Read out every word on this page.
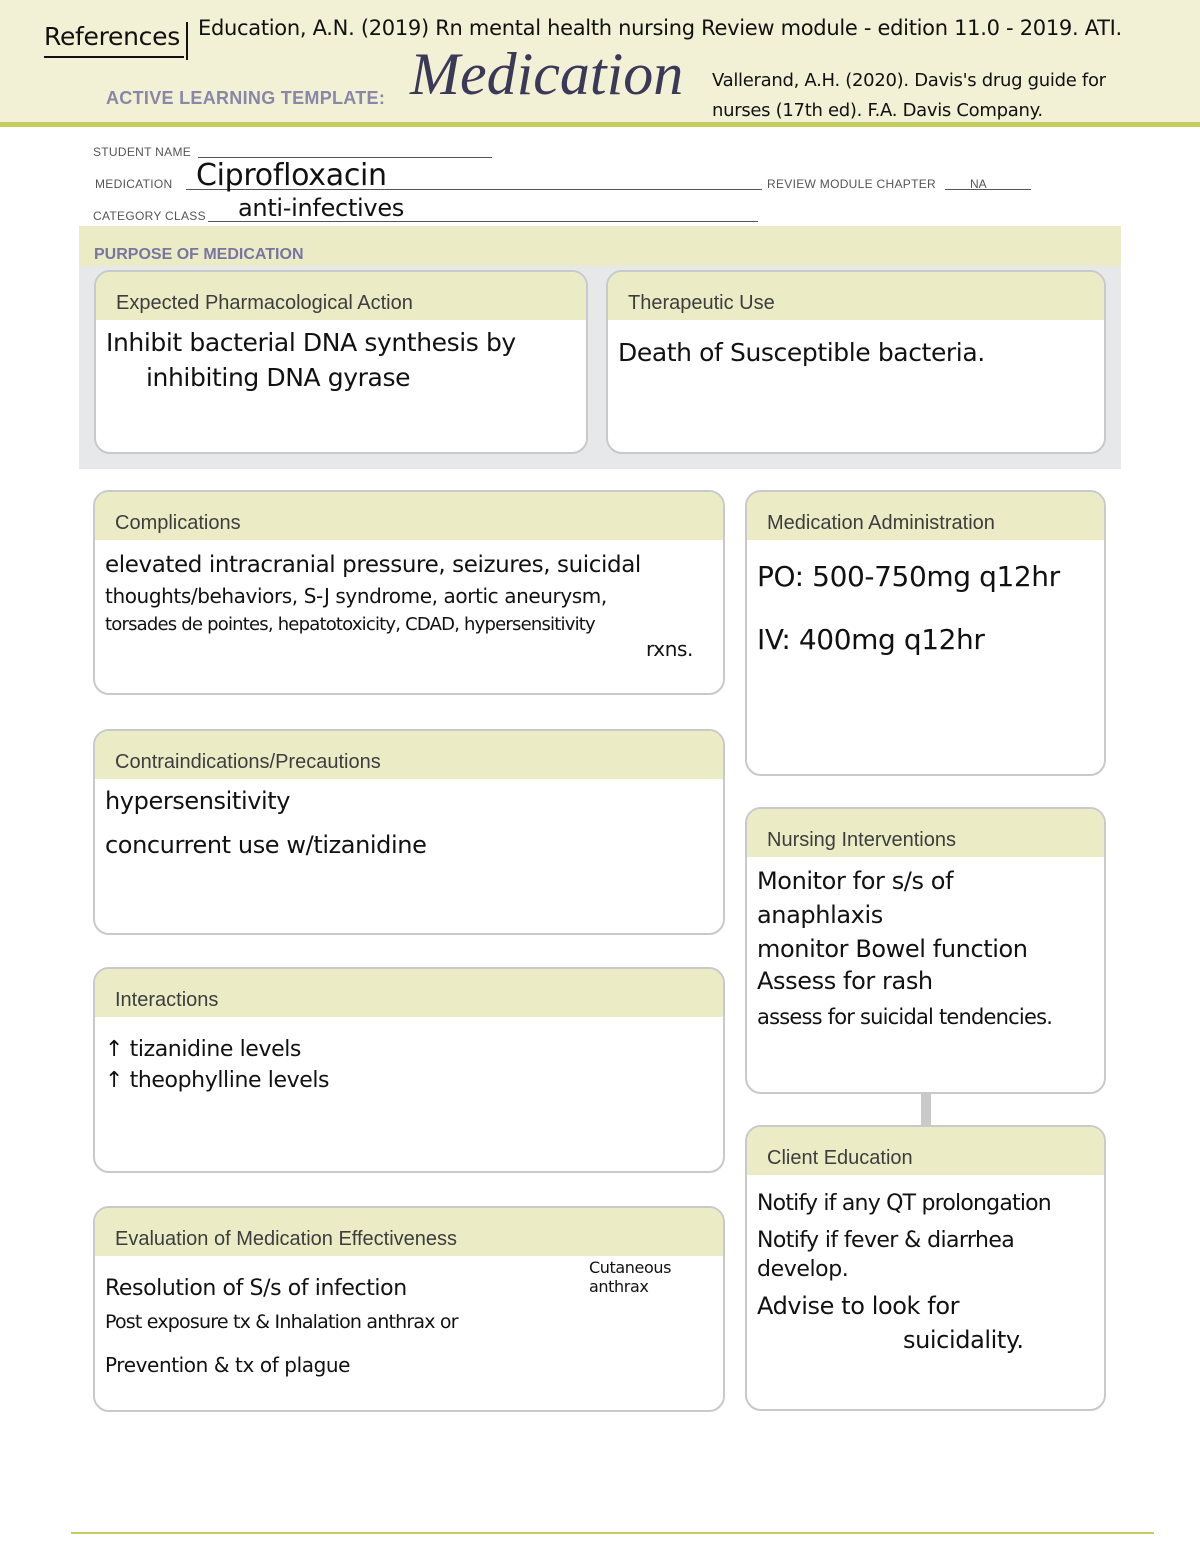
References Education, A.N. (2019) Rn mental health nursing Review module - edition 11.0 - 2019. ATI.
Vallerand, A.H. (2020). Davis's drug guide for
nurses (17th ed). F.A. Davis Company.
ACTIVE LEARNING TEMPLATE: Medication
STUDENT NAME
MEDICATION Ciprofloxacin	REVIEW MODULE CHAPTER	NA
CATEGORY CLASS anti-infectives
PURPOSE OF MEDICATION
Expected Pharmacological Action
Inhibit bacterial DNA synthesis by
inhibiting DNA gyrase
Therapeutic Use
Death of Susceptible bacteria.
Complications
elevated intracranial pressure, seizures, suicidal
thoughts/behaviors, S-J syndrome, aortic aneurysm,
torsades de pointes, hepatotoxicity, CDAD, hypersensitivity
rxns.
Medication Administration
PO: 500-750mg q12hr
IV: 400mg q12hr
Contraindications/Precautions
hypersensitivity
concurrent use w/tizanidine	Nursing Interventions
Monitor for s/s of
anaphlaxis
monitor Bowel function
Assess for rash
assess for suicidal tendencies.
Interactions
↑ tizanidine levels
↑ theophylline levels
Client Education
Notify if any QT prolongation
Notify if fever & diarrhea
develop.
Advise to look for
suicidality.
Evaluation of Medication Effectiveness
Resolution of S/s of infection
Post exposure tx & Inhalation anthrax or
Prevention & tx of plague
Cutaneous anthrax
